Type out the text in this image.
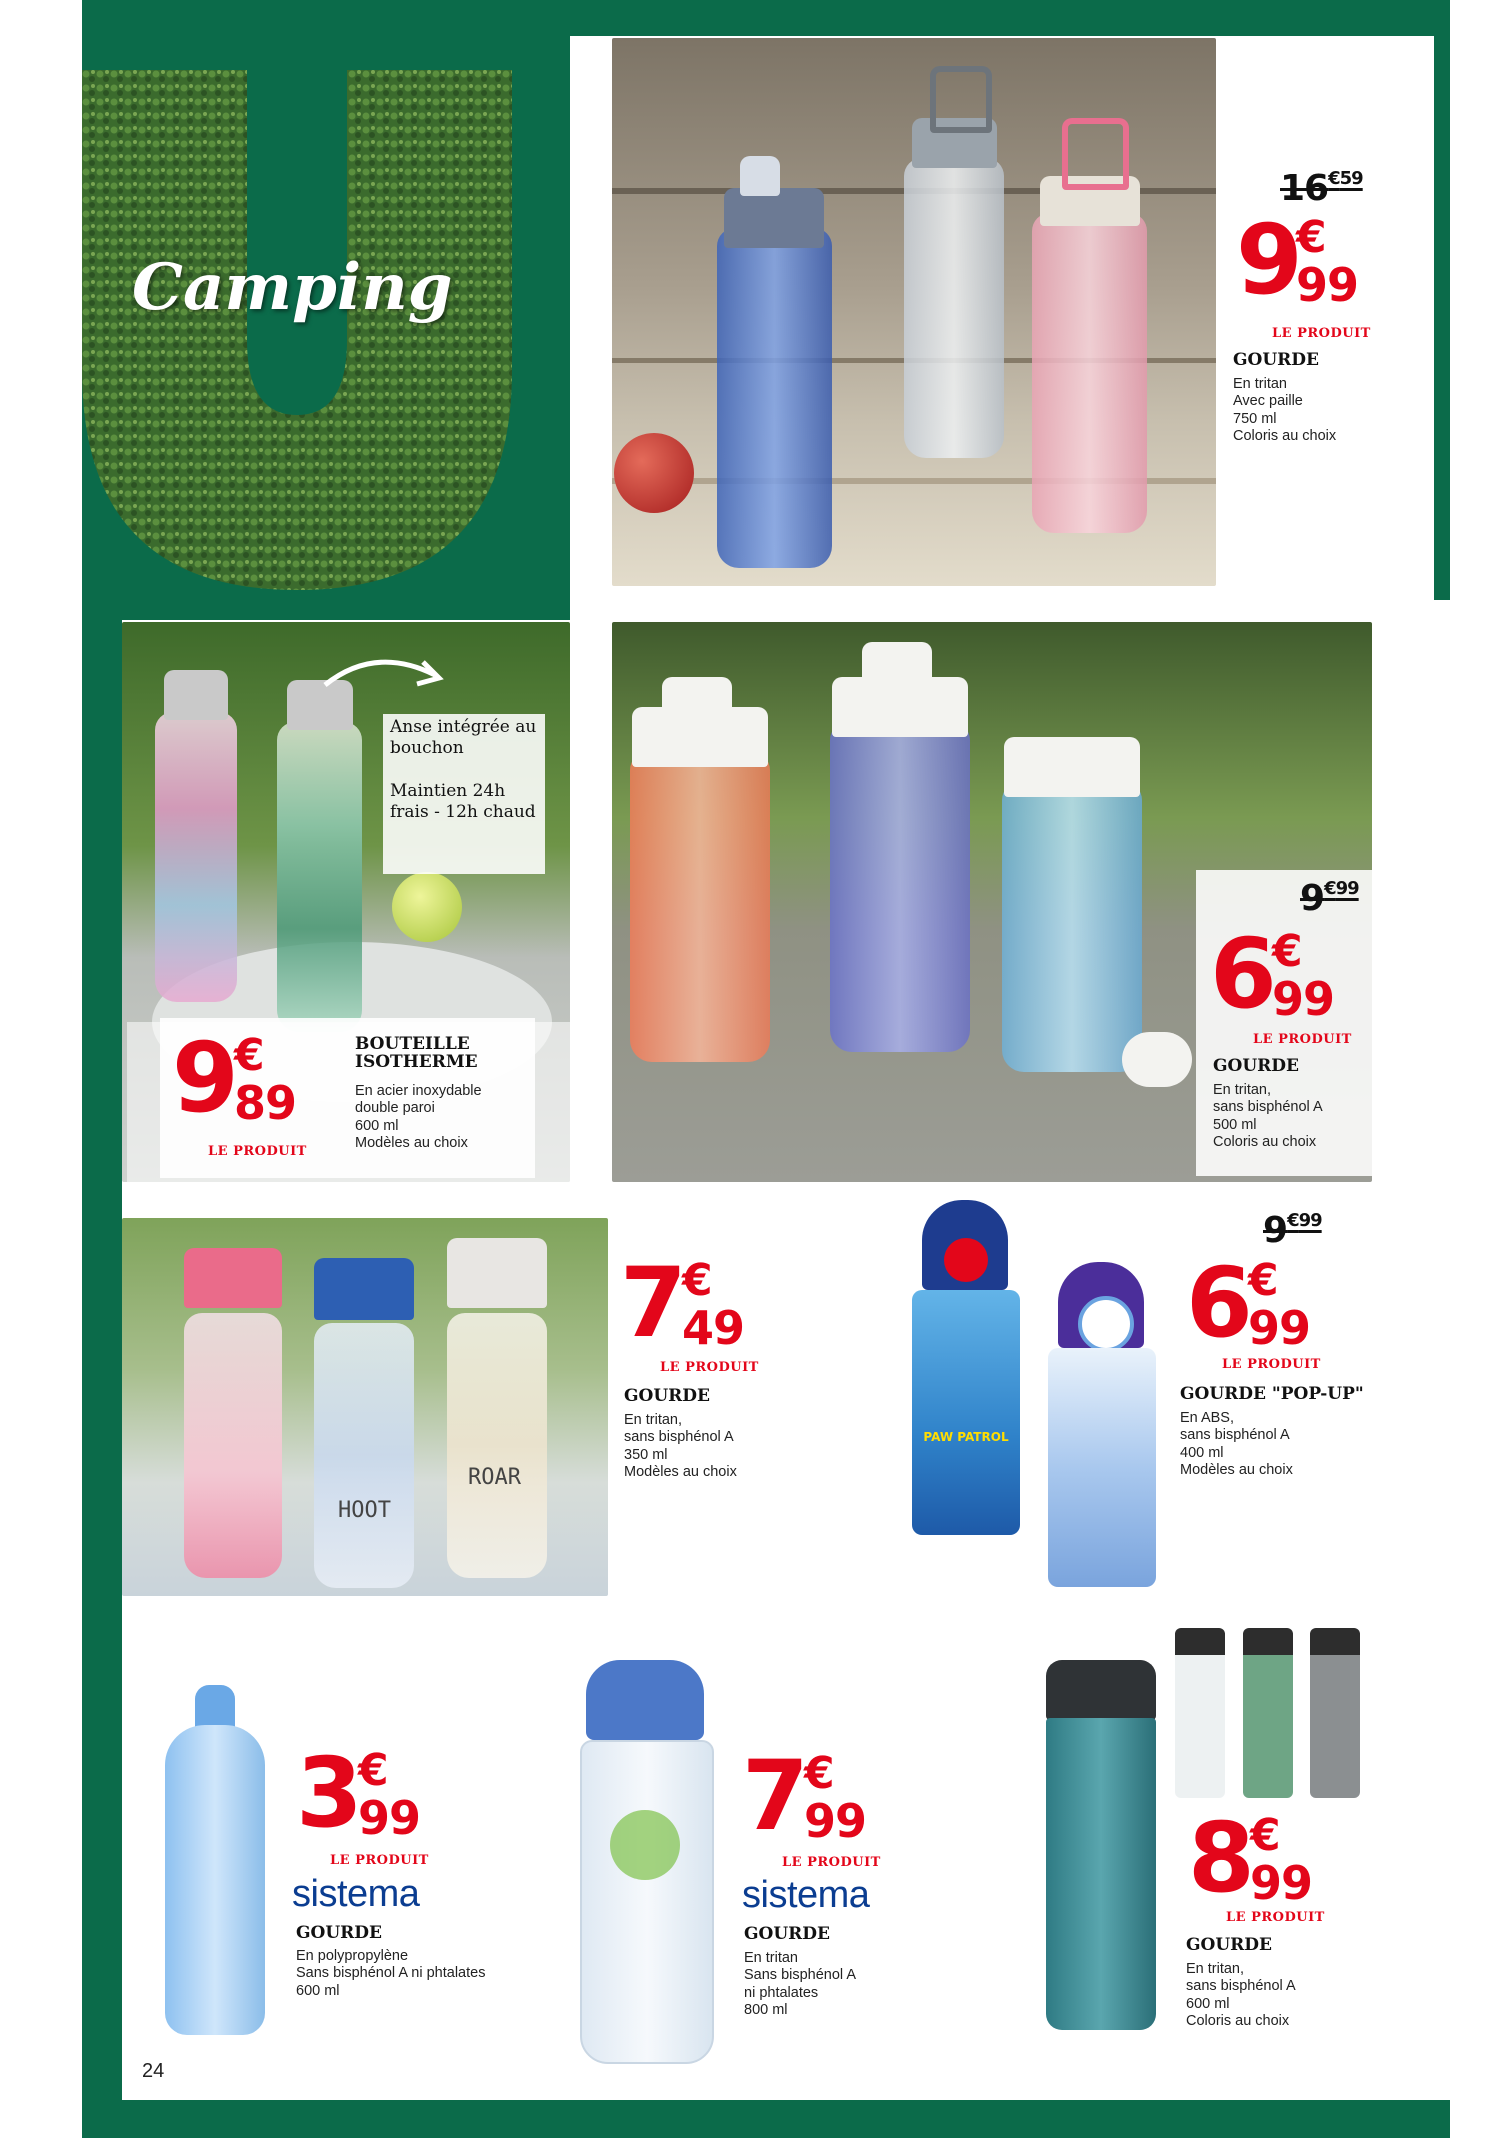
Camping
$16^{€59}$
9
€
99
LE PRODUIT
GOURDE
En tritan
Avec paille
750 ml
Coloris au choix
Anse intégrée au bouchon

Maintien 24h frais - 12h chaud
9
€
89
LE PRODUIT
BOUTEILLE ISOTHERME
En acier inoxydable
double paroi
600 ml
Modèles au choix
$9^{€99}$
6
€
99
LE PRODUIT
GOURDE
En tritan,
sans bisphénol A
500 ml
Coloris au choix
HOOT
ROAR
7
€
49
LE PRODUIT
GOURDE
En tritan,
sans bisphénol A
350 ml
Modèles au choix
PAW PATROL
$9^{€99}$
6
€
99
LE PRODUIT
GOURDE "POP-UP"
En ABS,
sans bisphénol A
400 ml
Modèles au choix
3
€
99
LE PRODUIT
sistema
GOURDE
En polypropylène
Sans bisphénol A ni phtalates
600 ml
7
€
99
LE PRODUIT
sistema
GOURDE
En tritan
Sans bisphénol A
ni phtalates
800 ml
8
€
99
LE PRODUIT
GOURDE
En tritan,
sans bisphénol A
600 ml
Coloris au choix
24
